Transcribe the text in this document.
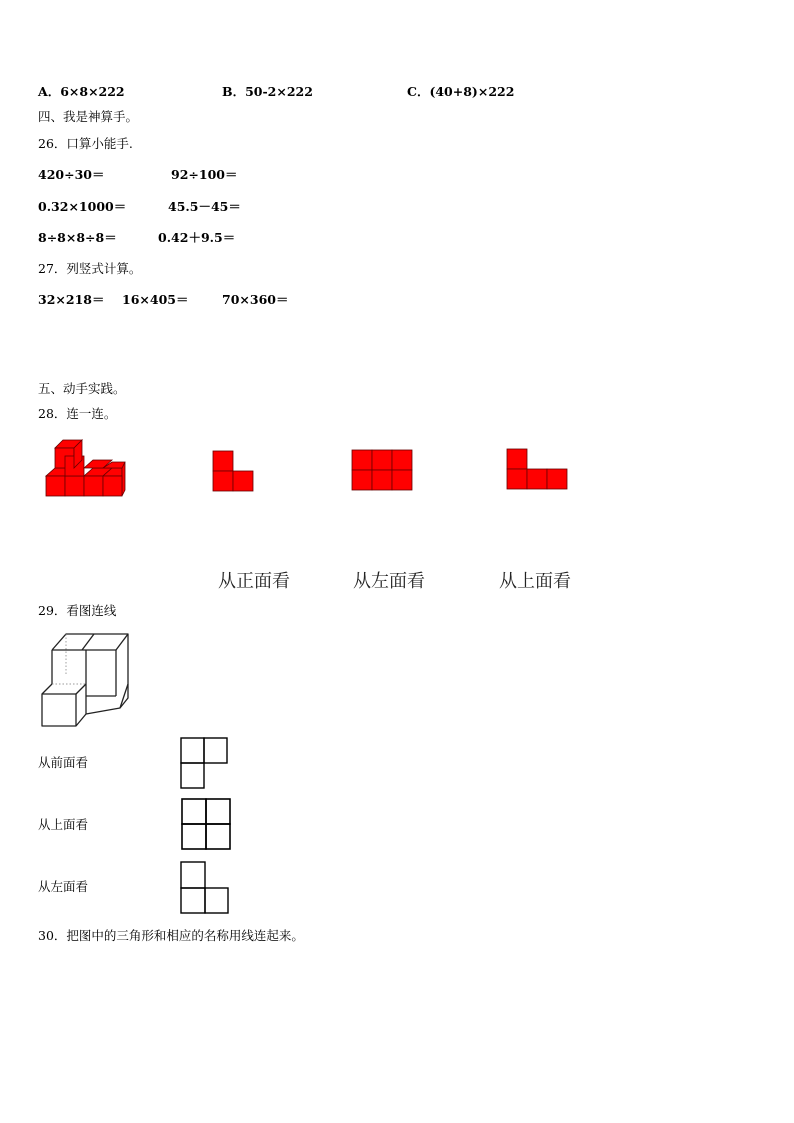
A．6×8×222	B．50-2×222	C．(40+8)×222
四、我是神算手。
26．口算小能手.
420÷30＝	92÷100＝
0.32×1000＝	45.5－45＝
8÷8×8÷8＝	0.42＋9.5＝
27．列竖式计算。
32×218＝ 16×405＝	70×360＝
五、动手实践。
28．连一连。
从正面看	从左面看	从上面看
29．看图连线
从前面看
从上面看
从左面看
30．把图中的三角形和相应的名称用线连起来。
